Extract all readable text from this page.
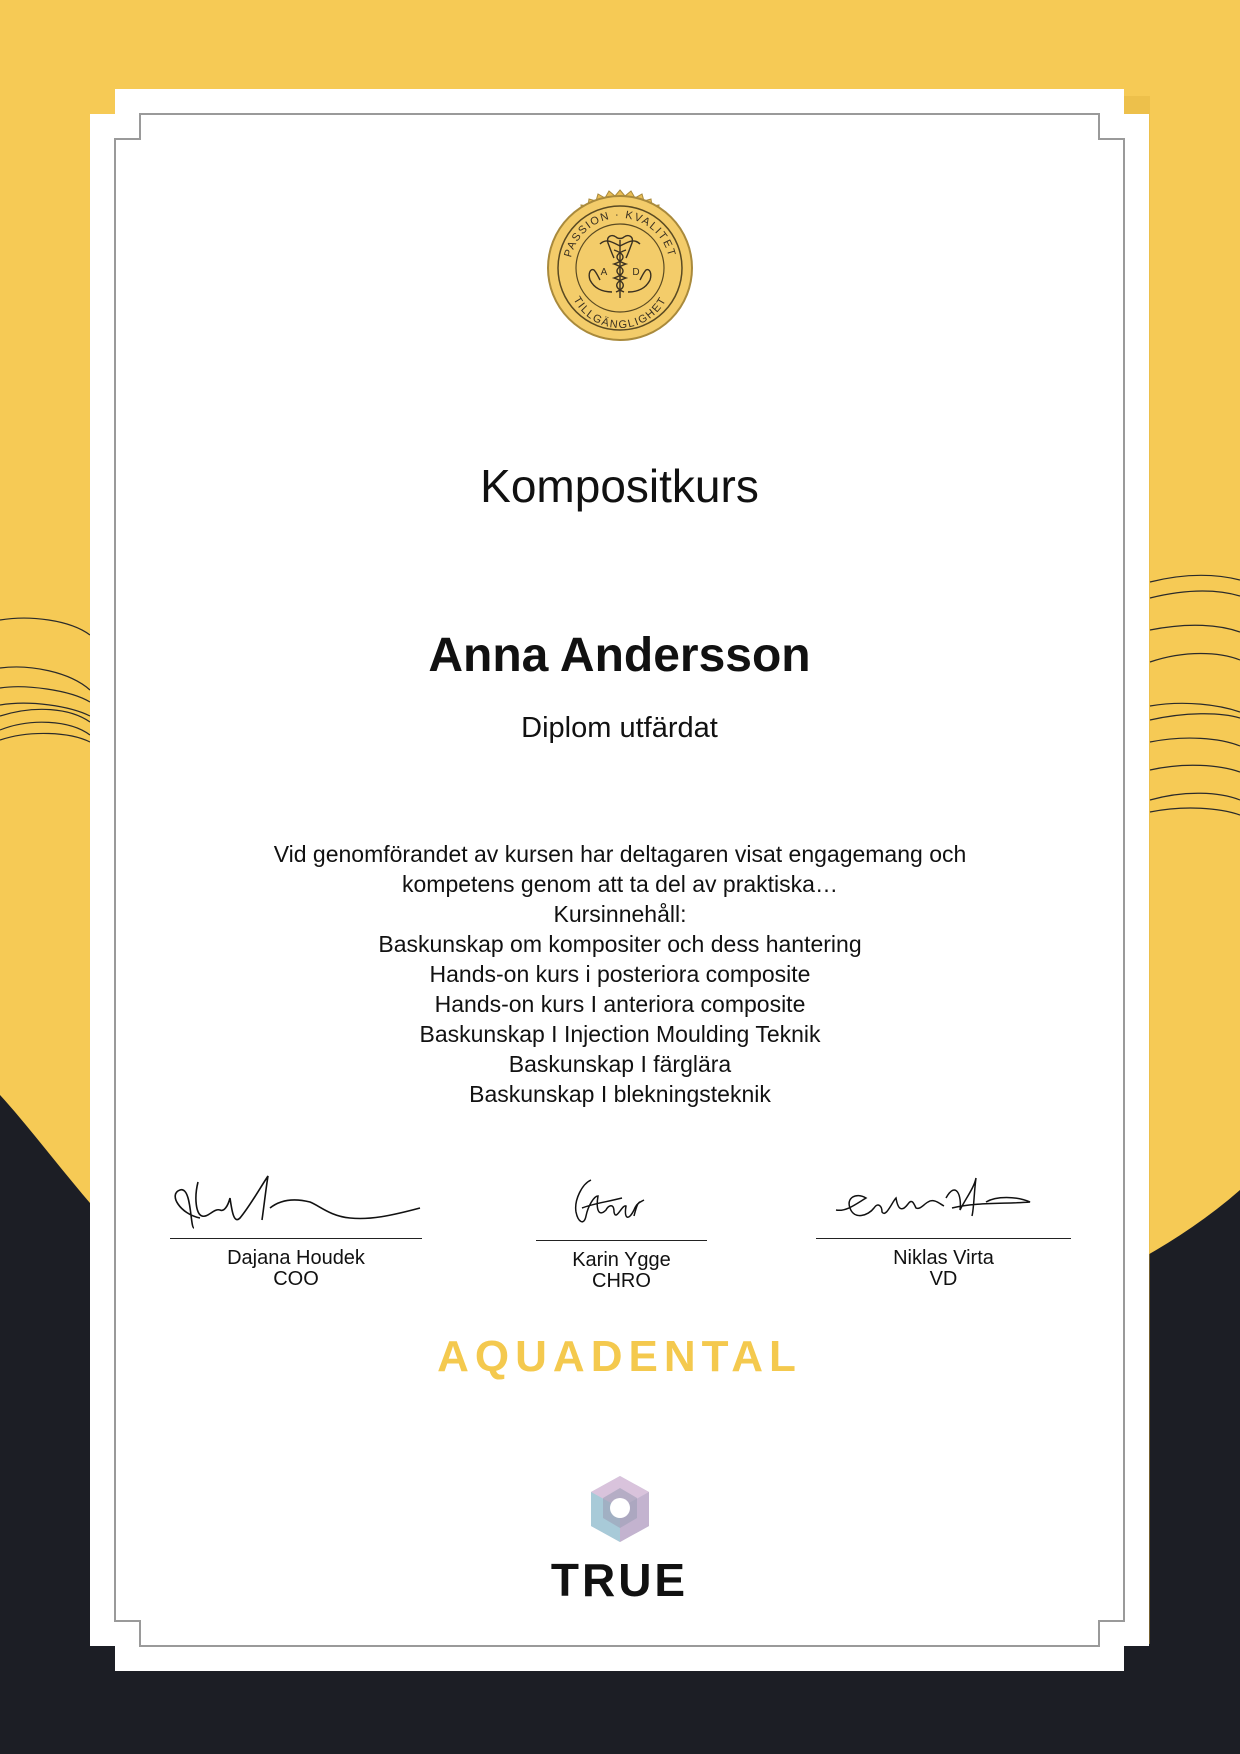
PASSION · KVALITET
TILLGÄNGLIGHET
A	D
Kompositkurs
Anna Andersson
Diplom utfärdat
Vid genomförandet av kursen har deltagaren visat engagemang och
kompetens genom att ta del av praktiska…
Kursinnehåll:
Baskunskap om kompositer och dess hantering
Hands-on kurs i posteriora composite
Hands-on kurs I anteriora composite
Baskunskap I Injection Moulding Teknik
Baskunskap I färglära
Baskunskap I blekningsteknik
Dajana Houdek
COO
Karin Ygge
CHRO
Niklas Virta
VD
AQUADENTAL
TRUE
